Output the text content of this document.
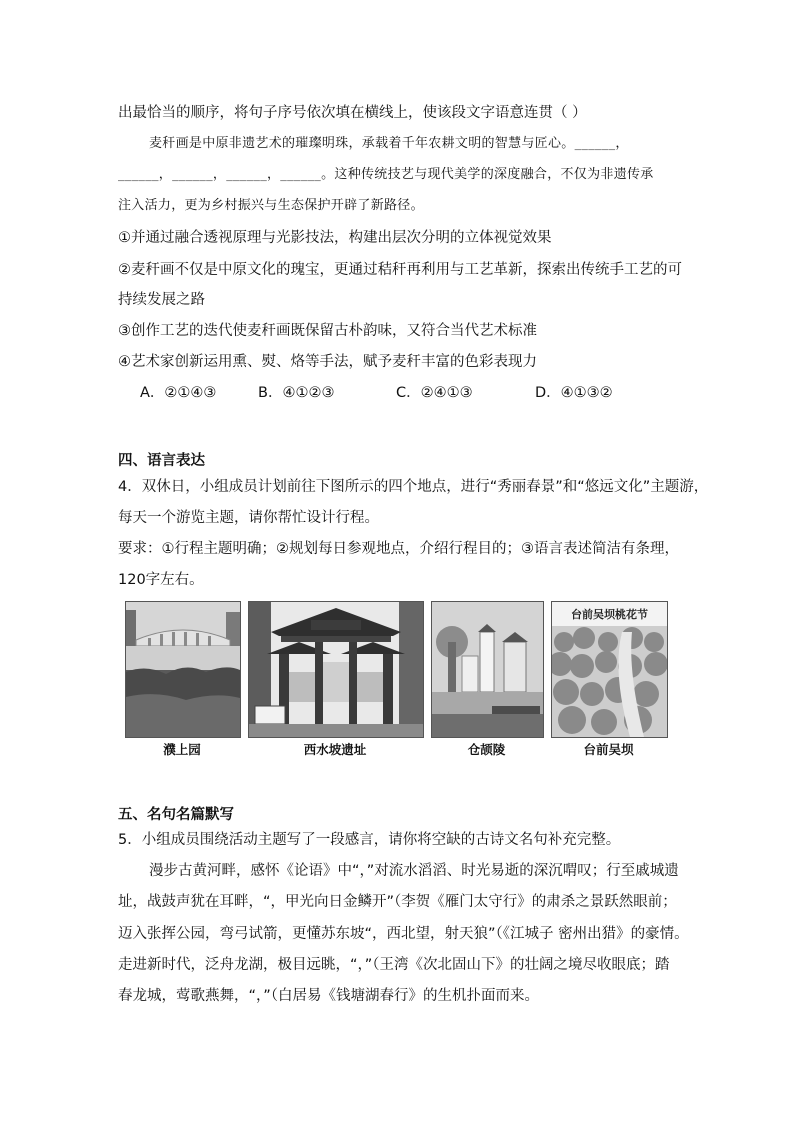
出最恰当的顺序，将句子序号依次填在横线上，使该段文字语意连贯（ ）
麦秆画是中原非遗艺术的璀璨明珠，承载着千年农耕文明的智慧与匠心。______，
______，______，______，______。这种传统技艺与现代美学的深度融合，不仅为非遗传承
注入活力，更为乡村振兴与生态保护开辟了新路径。
①并通过融合透视原理与光影技法，构建出层次分明的立体视觉效果
②麦秆画不仅是中原文化的瑰宝，更通过秸秆再利用与工艺革新，探索出传统手工艺的可
持续发展之路
③创作工艺的迭代使麦秆画既保留古朴韵味，又符合当代艺术标准
④艺术家创新运用熏、熨、烙等手法，赋予麦秆丰富的色彩表现力
A．②①④③	B．④①②③	C．②④①③	D．④①③②
四、语言表达
4．双休日，小组成员计划前往下图所示的四个地点，进行“秀丽春景”和“悠远文化”主题游，
每天一个游览主题，请你帮忙设计行程。
要求：①行程主题明确；②规划每日参观地点，介绍行程目的；③语言表述简洁有条理，
120字左右。
濮上园	西水坡遗址	仓颉陵
台前吴坝桃花节
台前吴坝
五、名句名篇默写
5．小组成员围绕活动主题写了一段感言，请你将空缺的古诗文名句补充完整。
漫步古黄河畔，感怀《论语》中“，”对流水滔滔、时光易逝的深沉喟叹；行至戚城遗
址，战鼓声犹在耳畔，“，甲光向日金鳞开”（李贺《雁门太守行》的肃杀之景跃然眼前；
迈入张挥公园，弯弓试箭，更懂苏东坡“，西北望，射天狼”（《江城子 密州出猎》的豪情。
走进新时代，泛舟龙湖，极目远眺，“，”（王湾《次北固山下》的壮阔之境尽收眼底；踏
春龙城，莺歌燕舞，“，”（白居易《钱塘湖春行》的生机扑面而来。
